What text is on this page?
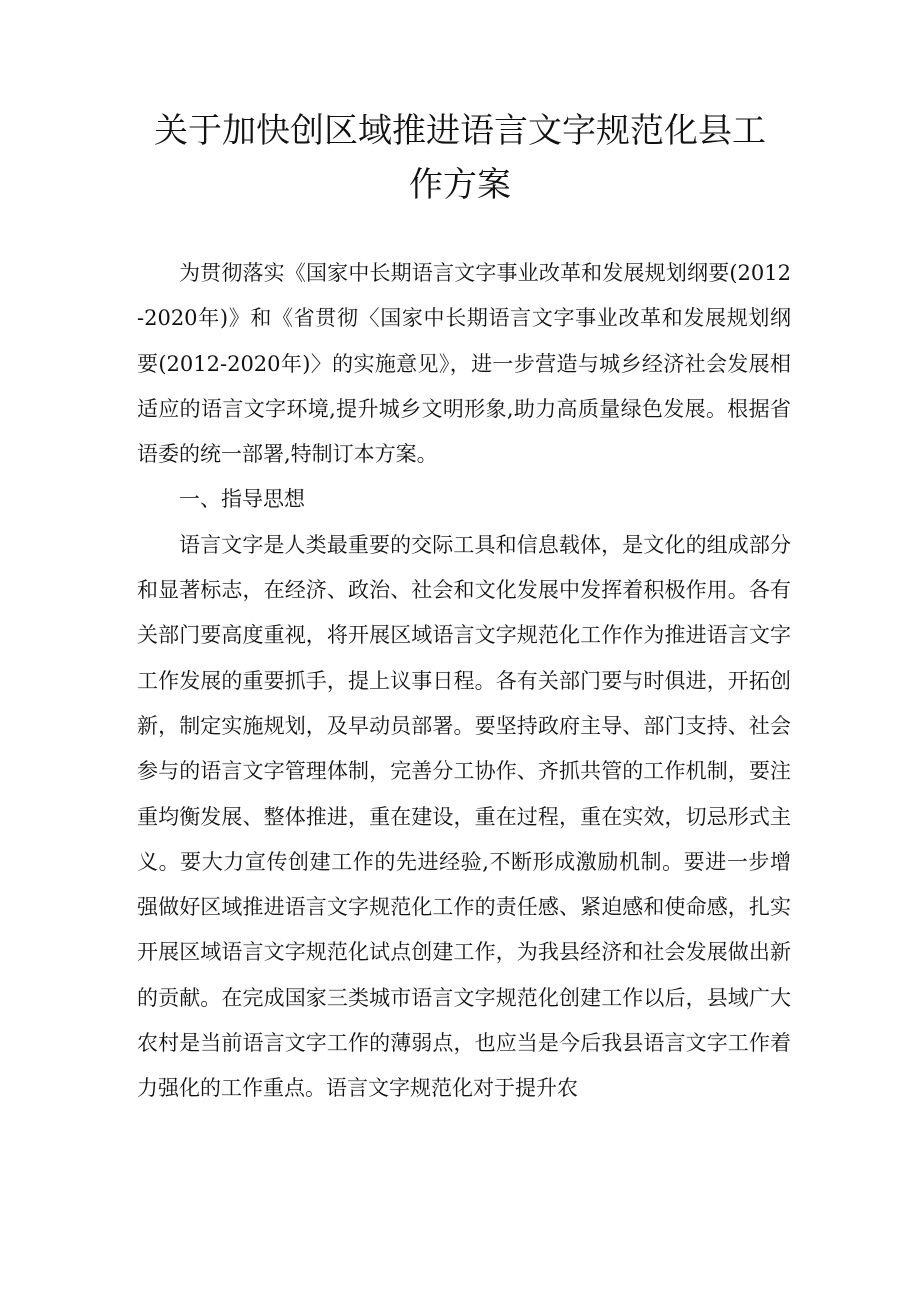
关于加快创区域推进语言文字规范化县工
作方案

为贯彻落实《国家中长期语言文字事业改革和发展规划纲要(2012-2020年)》和《省贯彻〈国家中长期语言文字事业改革和发展规划纲要(2012-2020年)〉的实施意见》，进一步营造与城乡经济社会发展相适应的语言文字环境,提升城乡文明形象,助力高质量绿色发展。根据省语委的统一部署,特制订本方案。

一、指导思想

语言文字是人类最重要的交际工具和信息载体，是文化的组成部分和显著标志，在经济、政治、社会和文化发展中发挥着积极作用。各有关部门要高度重视，将开展区域语言文字规范化工作作为推进语言文字工作发展的重要抓手，提上议事日程。各有关部门要与时俱进，开拓创新，制定实施规划，及早动员部署。要坚持政府主导、部门支持、社会参与的语言文字管理体制，完善分工协作、齐抓共管的工作机制，要注重均衡发展、整体推进，重在建设，重在过程，重在实效，切忌形式主义。要大力宣传创建工作的先进经验,不断形成激励机制。要进一步增强做好区域推进语言文字规范化工作的责任感、紧迫感和使命感，扎实开展区域语言文字规范化试点创建工作，为我县经济和社会发展做出新的贡献。在完成国家三类城市语言文字规范化创建工作以后，县域广大农村是当前语言文字工作的薄弱点，也应当是今后我县语言文字工作着力强化的工作重点。语言文字规范化对于提升农
